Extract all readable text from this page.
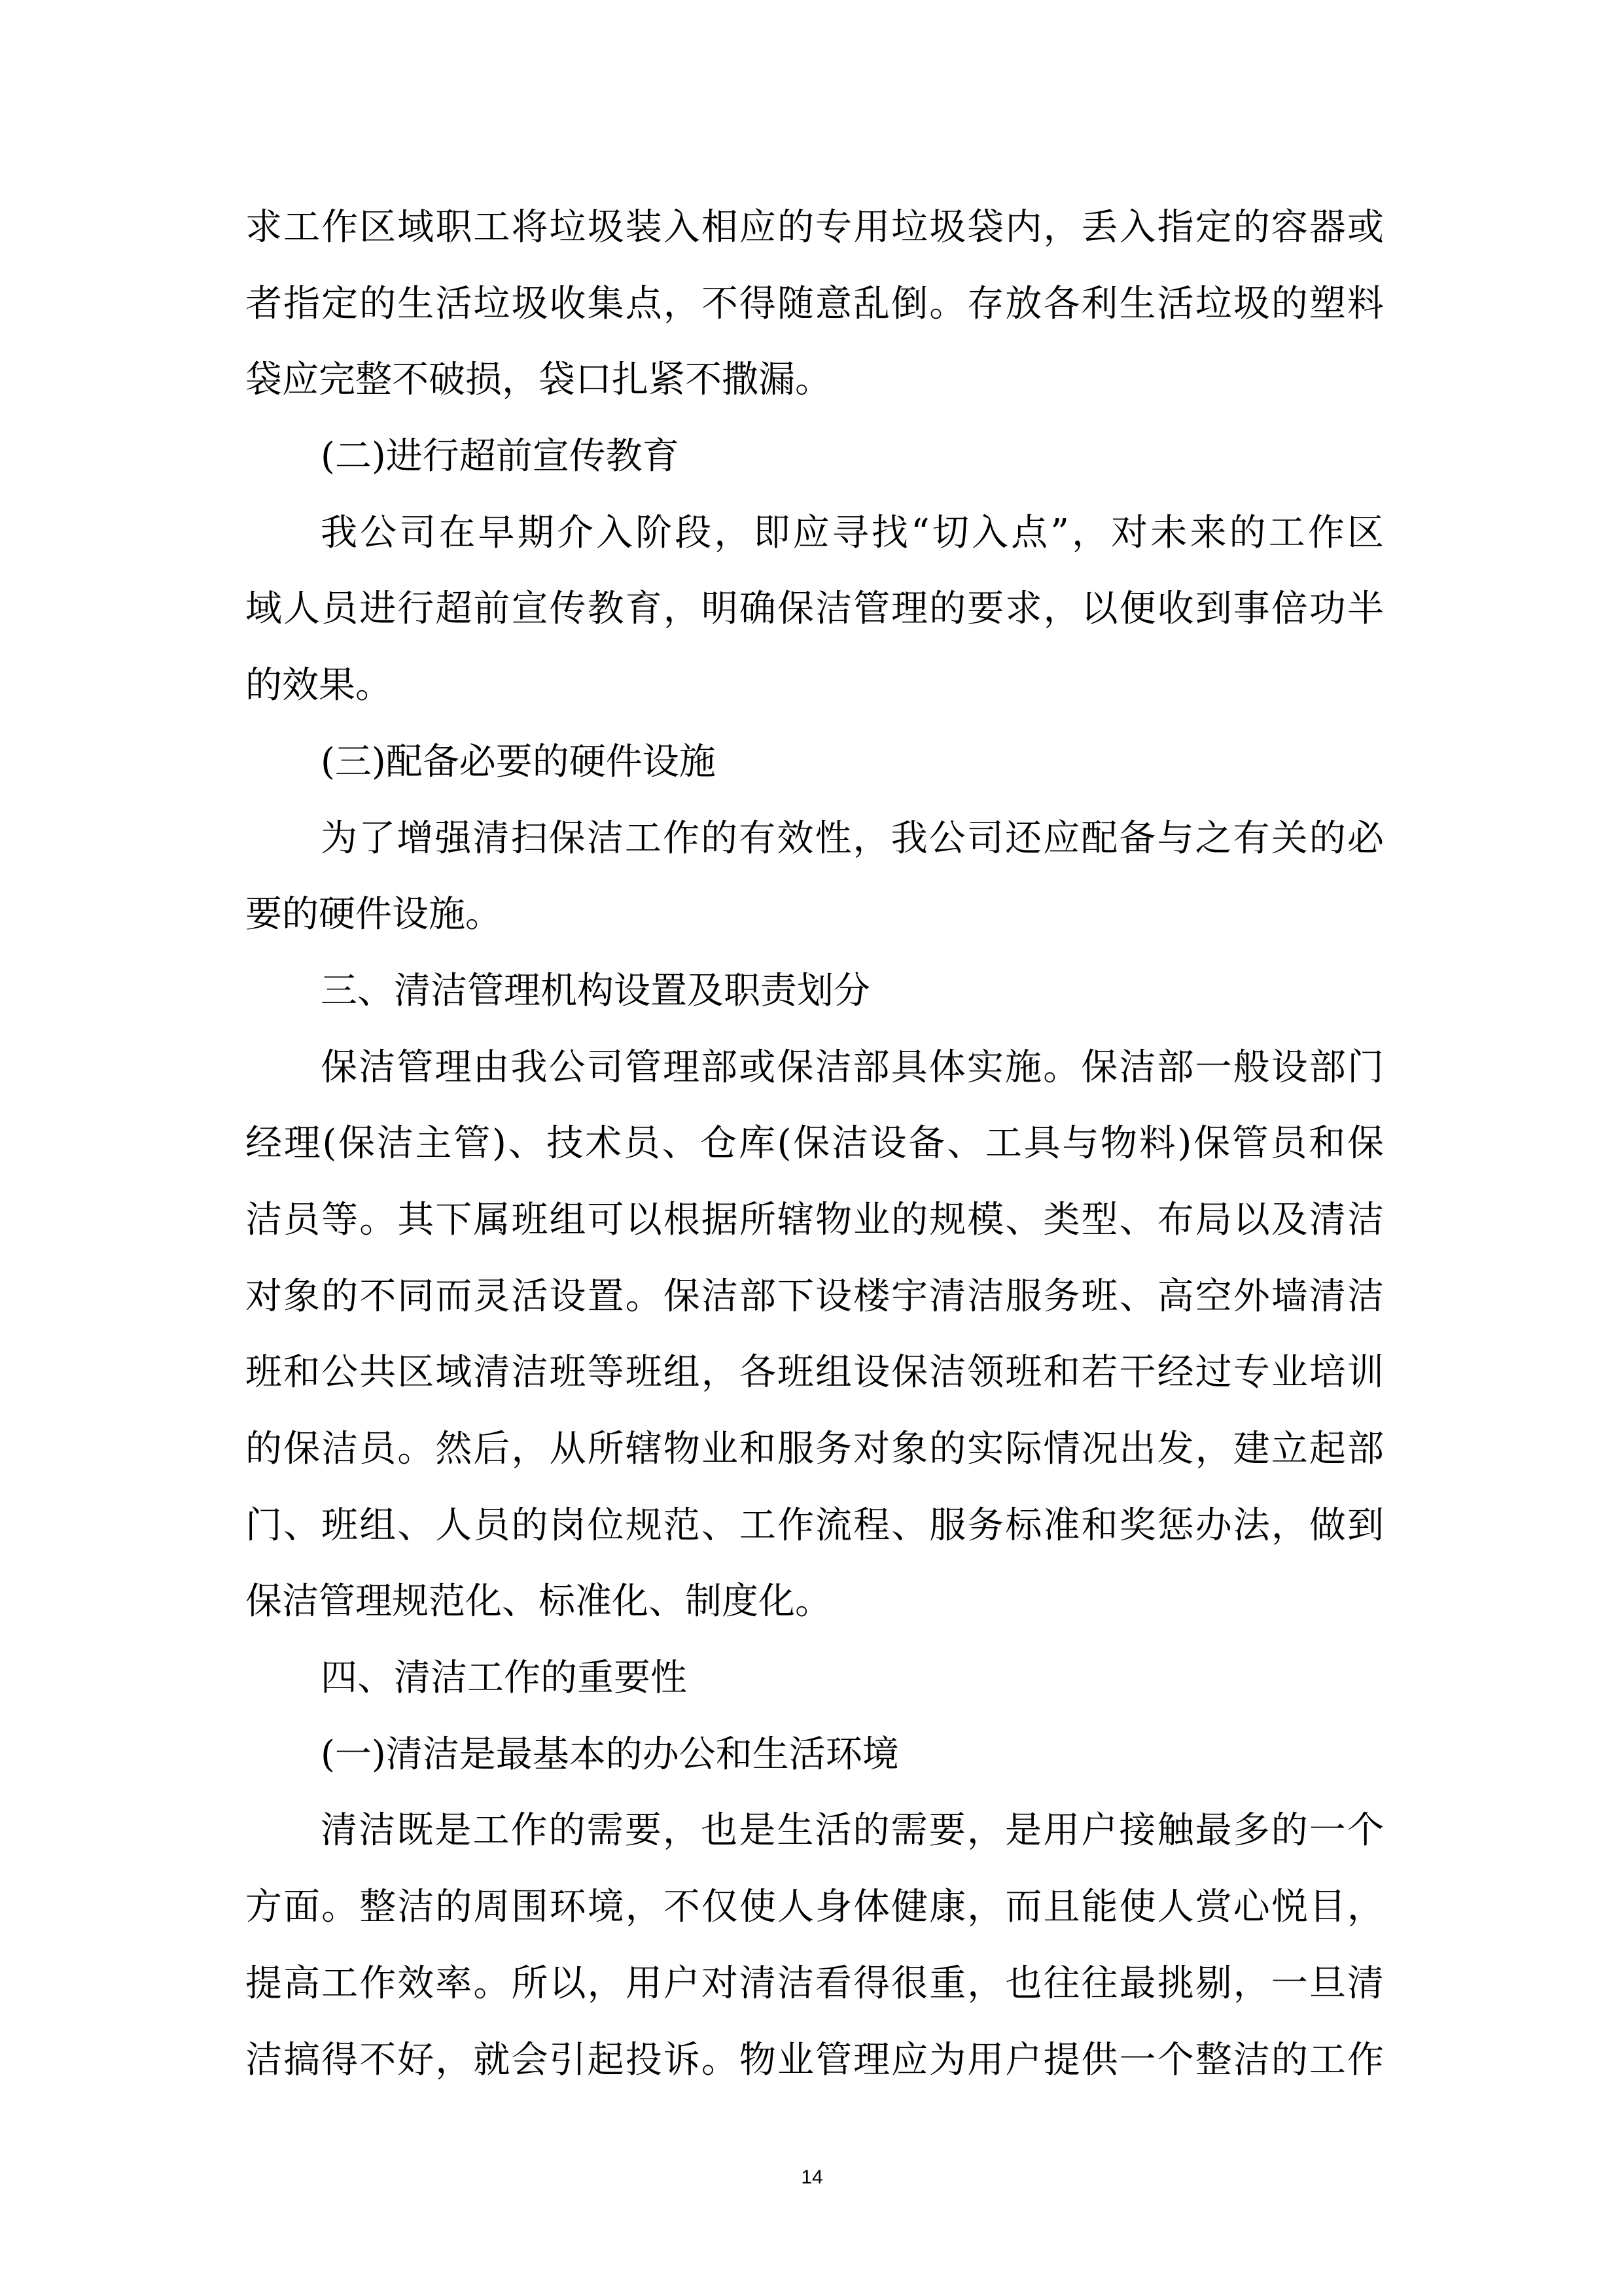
求工作区域职工将垃圾装入相应的专用垃圾袋内，丢入指定的容器或
者指定的生活垃圾收集点，不得随意乱倒。存放各利生活垃圾的塑料
袋应完整不破损，袋口扎紧不撒漏。
(二)进行超前宣传教育
我公司在早期介入阶段，即应寻找“切入点”，对未来的工作区
域人员进行超前宣传教育，明确保洁管理的要求，以便收到事倍功半
的效果。
(三)配备必要的硬件设施
为了增强清扫保洁工作的有效性，我公司还应配备与之有关的必
要的硬件设施。
三、清洁管理机构设置及职责划分
保洁管理由我公司管理部或保洁部具体实施。保洁部一般设部门
经理(保洁主管)、技术员、仓库(保洁设备、工具与物料)保管员和保
洁员等。其下属班组可以根据所辖物业的规模、类型、布局以及清洁
对象的不同而灵活设置。保洁部下设楼宇清洁服务班、高空外墙清洁
班和公共区域清洁班等班组，各班组设保洁领班和若干经过专业培训
的保洁员。然后，从所辖物业和服务对象的实际情况出发，建立起部
门、班组、人员的岗位规范、工作流程、服务标准和奖惩办法，做到
保洁管理规范化、标准化、制度化。
四、清洁工作的重要性
(一)清洁是最基本的办公和生活环境
清洁既是工作的需要，也是生活的需要，是用户接触最多的一个
方面。整洁的周围环境，不仅使人身体健康，而且能使人赏心悦目，
提高工作效率。所以，用户对清洁看得很重，也往往最挑剔，一旦清
洁搞得不好，就会引起投诉。物业管理应为用户提供一个整洁的工作
14
